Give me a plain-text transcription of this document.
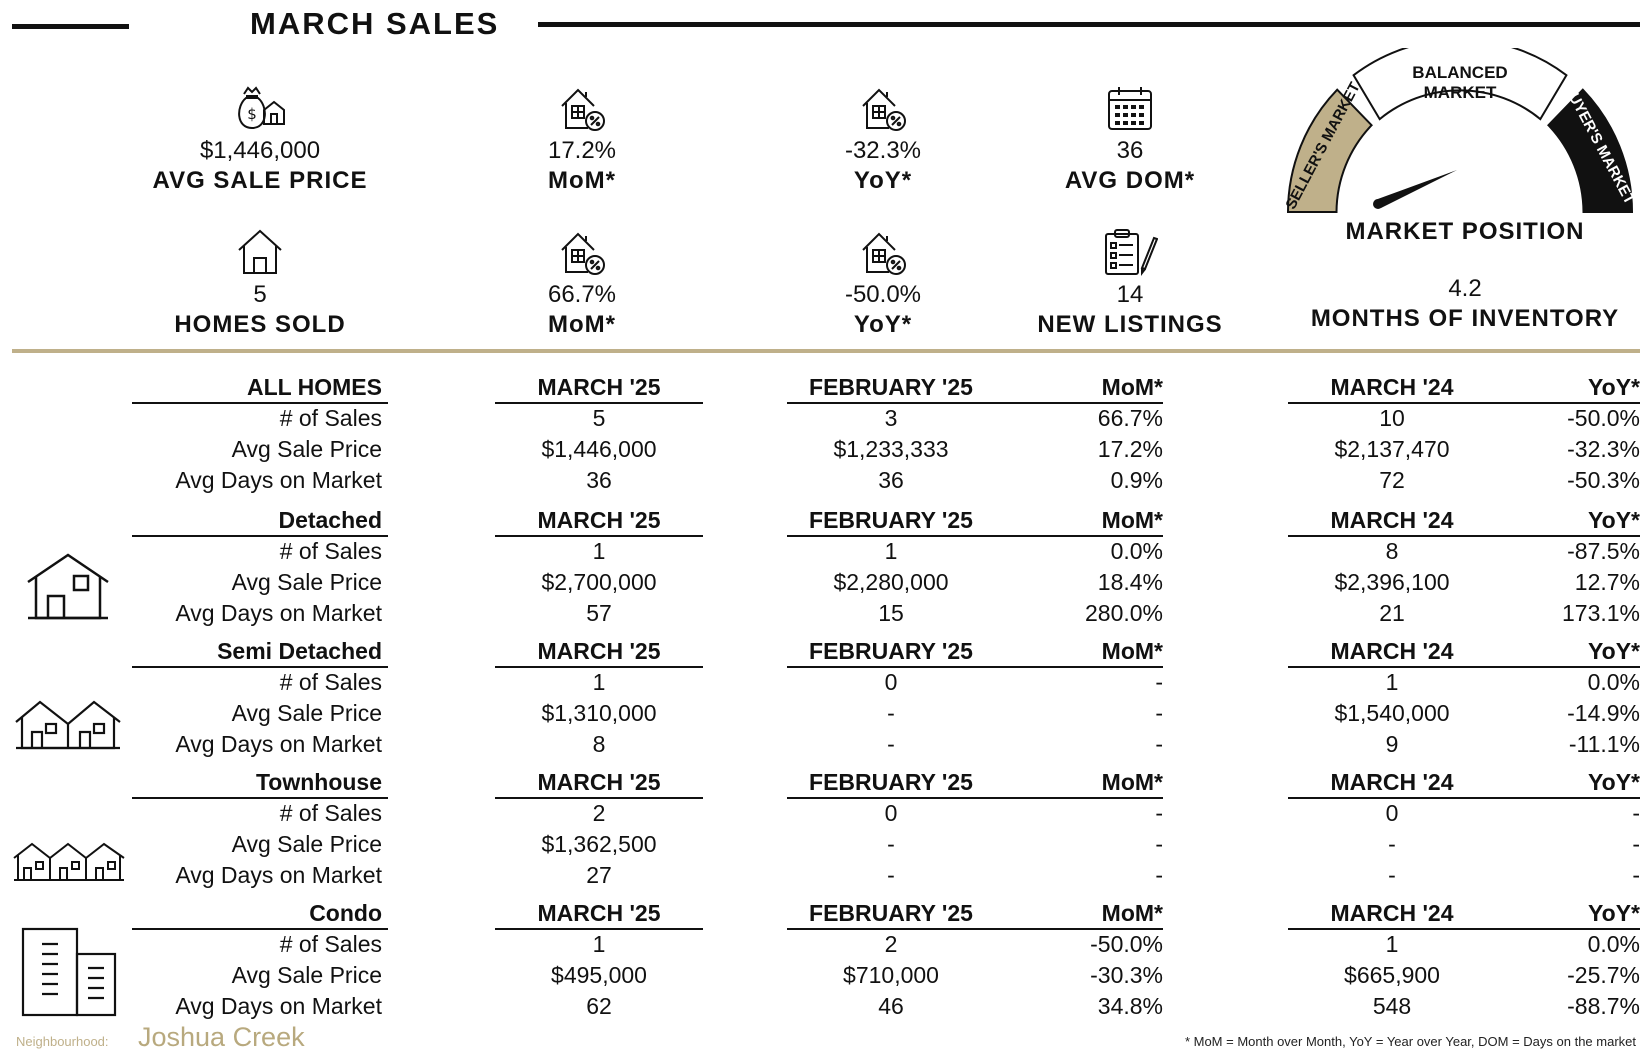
MARCH SALES
$
$1,446,000
AVG SALE PRICE
17.2%
MoM*
-32.3%
YoY*
36
AVG DOM*
5
HOMES SOLD
66.7%
MoM*
-50.0%
YoY*
14
NEW LISTINGS
BALANCED
MARKET
SELLER'S MARKET	BUYER'S MARKET
MARKET POSITION
4.2
MONTHS OF INVENTORY
ALL HOMES	MARCH '25	FEBRUARY '25	MoM*	MARCH '24	YoY*
# of Sales	5	3	66.7%	10	-50.0%
Avg Sale Price	$1,446,000	$1,233,333	17.2%	$2,137,470	-32.3%
Avg Days on Market	36	36	0.9%	72	-50.3%
Detached	MARCH '25	FEBRUARY '25	MoM*	MARCH '24	YoY*
# of Sales	1	1	0.0%	8	-87.5%
Avg Sale Price	$2,700,000	$2,280,000	18.4%	$2,396,100	12.7%
Avg Days on Market	57	15	280.0%	21	173.1%
Semi Detached	MARCH '25	FEBRUARY '25	MoM*	MARCH '24	YoY*
# of Sales	1	0	-	1	0.0%
Avg Sale Price	$1,310,000	-	-	$1,540,000	-14.9%
Avg Days on Market	8	-	-	9	-11.1%
Townhouse	MARCH '25	FEBRUARY '25	MoM*	MARCH '24	YoY*
# of Sales	2	0	-	0	-
Avg Sale Price	$1,362,500	-	-	-	-
Avg Days on Market	27	-	-	-	-
Condo	MARCH '25	FEBRUARY '25	MoM*	MARCH '24	YoY*
# of Sales	1	2	-50.0%	1	0.0%
Avg Sale Price	$495,000	$710,000	-30.3%	$665,900	-25.7%
Avg Days on Market	62	46	34.8%	548	-88.7%
Neighbourhood: Joshua Creek	* MoM = Month over Month, YoY = Year over Year, DOM = Days on the market
